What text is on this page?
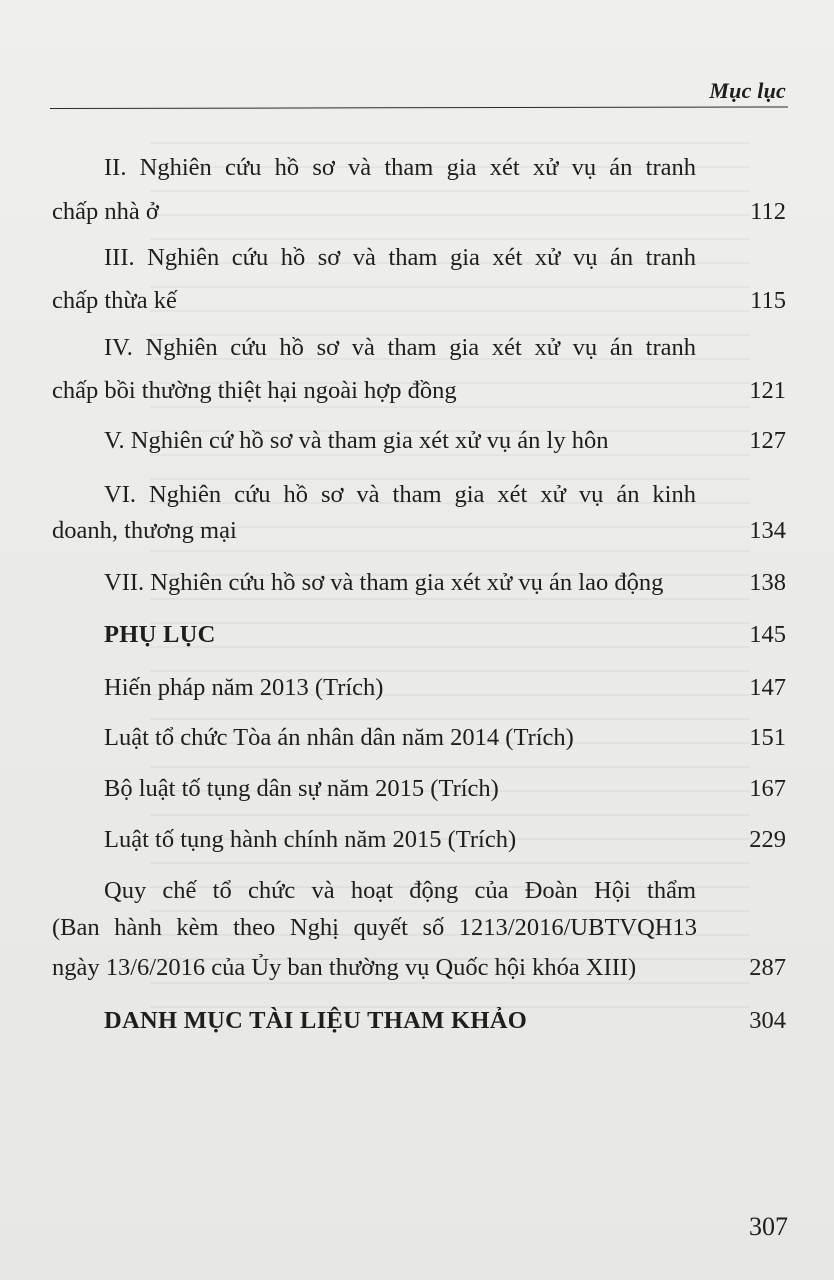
Mục lục
II. Nghiên cứu hồ sơ và tham gia xét xử vụ án tranh
chấp nhà ở	112
III. Nghiên cứu hồ sơ và tham gia xét xử vụ án tranh
chấp thừa kế	115
IV. Nghiên cứu hồ sơ và tham gia xét xử vụ án tranh
chấp bồi thường thiệt hại ngoài hợp đồng	121
V. Nghiên cứ hồ sơ và tham gia xét xử vụ án ly hôn	127
VI. Nghiên cứu hồ sơ và tham gia xét xử vụ án kinh
doanh, thương mại	134
VII. Nghiên cứu hồ sơ và tham gia xét xử vụ án lao động	138
PHỤ LỤC	145
Hiến pháp năm 2013 (Trích)	147
Luật tổ chức Tòa án nhân dân năm 2014 (Trích)	151
Bộ luật tố tụng dân sự năm 2015 (Trích)	167
Luật tố tụng hành chính năm 2015 (Trích)	229
Quy chế tổ chức và hoạt động của Đoàn Hội thẩm
(Ban hành kèm theo Nghị quyết số 1213/2016/UBTVQH13
ngày 13/6/2016 của Ủy ban thường vụ Quốc hội khóa XIII)	287
DANH MỤC TÀI LIỆU THAM KHẢO	304
307
